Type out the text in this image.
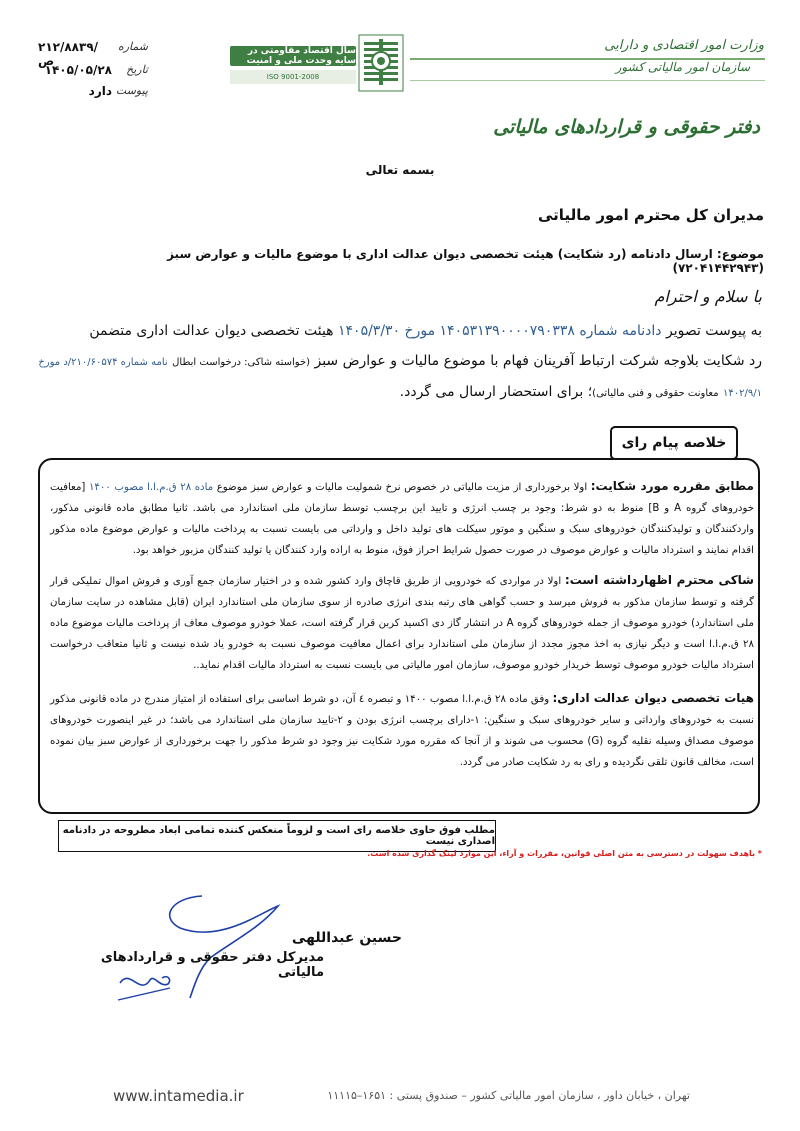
شماره
۲۱۲/۸۸۳۹/ص
تاریخ
۱۴۰۵/۰۵/۲۸
پیوست
دارد
سال اقتصاد مقاومتی در سایه وحدت ملی و امنیت
ISO 9001-2008
وزارت امور اقتصادی و دارایی
سازمان امور مالیاتی کشور
دفتر حقوقی و قراردادهای مالیاتی
بسمه تعالی
مدیران کل محترم امور مالیاتی
موضوع: ارسال دادنامه (رد شکایت) هیئت تخصصی دیوان عدالت اداری با موضوع مالیات و عوارض سبز (۷۲۰۴۱۴۴۲۹۴۳)
با سلام و احترام
به پیوست تصویر دادنامه شماره ۱۴۰۵۳۱۳۹۰۰۰۰۷۹۰۳۳۸ مورخ ۱۴۰۵/۳/۳۰ هیئت تخصصی دیوان عدالت اداری متضمن
رد شکایت بلاوجه شرکت ارتباط آفرینان فهام با موضوع مالیات و عوارض سبز (خواسته شاکی: درخواست ابطال نامه شماره ۲۱۰/۶۰۵۷۴/د مورخ
۱۴۰۲/۹/۱ معاونت حقوقی و فنی مالیاتی)؛ برای استحضار ارسال می گردد.
خلاصه پیام رای
مطابق مقرره مورد شکایت: اولا برخورداری از مزیت مالیاتی در خصوص نرخ شمولیت مالیات و عوارض سبز موضوع ماده ۲۸ ق.م.ا.ا مصوب ۱۴۰۰ [معافیت خودروهای گروه A و B] منوط به دو شرط: وجود بر چسب انرژی و تایید این برچسب توسط سازمان ملی استاندارد می باشد. ثانیا مطابق ماده قانونی مذکور، واردکنندگان و تولیدکنندگان خودروهای سبک و سنگین و موتور سیکلت های تولید داخل و وارداتی می بایست نسبت به پرداخت مالیات و عوارض موضوع ماده مذکور اقدام نمایند و استرداد مالیات و عوارض موصوف در صورت حصول شرایط احراز فوق، منوط به اراده وارد کنندگان یا تولید کنندگان مزبور خواهد بود.
شاکی محترم اظهارداشته است: اولا در مواردی که خودرویی از طریق قاچاق وارد کشور شده و در اختیار سازمان جمع آوری و فروش اموال تملیکی قرار گرفته و توسط سازمان مذکور به فروش میرسد و حسب گواهی های رتبه بندی انرژی صادره از سوی سازمان ملی استاندارد ایران (قابل مشاهده در سایت سازمان ملی استاندارد) خودرو موصوف از جمله خودروهای گروه A در انتشار گاز دی اکسید کربن قرار گرفته است، عملا خودرو موصوف معاف از پرداخت مالیات موضوع ماده ۲۸ ق.م.ا.ا است و دیگر نیازی به اخذ مجوز مجدد از سازمان ملی استاندارد برای اعمال معافیت موصوف نسبت به خودرو یاد شده نیست و ثانیا متعاقب درخواست استرداد مالیات خودرو موصوف توسط خریدار خودرو موصوف، سازمان امور مالیاتی می بایست نسبت به استرداد مالیات اقدام نماید..
هیات تخصصی دیوان عدالت اداری: وفق ماده ۲۸ ق.م.ا.ا مصوب ۱۴۰۰ و تبصره ٤ آن، دو شرط اساسی برای استفاده از امتیاز مندرج در ماده قانونی مذکور نسبت به خودروهای وارداتی و سایر خودروهای سبک و سنگین: ۱-دارای برچسب انرژی بودن و ۲-تایید سازمان ملی استاندارد می باشد؛ در غیر اینصورت خودروهای موصوف مصداق وسیله نقلیه گروه (G) محسوب می شوند و از آنجا که مقرره مورد شکایت نیز وجود دو شرط مذکور را جهت برخورداری از عوارض سبز بیان نموده است، مخالف قانون تلقی نگردیده و رای به رد شکایت صادر می گردد.
مطلب فوق حاوی خلاصه رای است و لزوماً منعکس کننده تمامی ابعاد مطروحه در دادنامه اصداری نیست
* باهدف سهولت در دسترسی به متن اصلی قوانین، مقررات و آراء، این موارد لینک گذاری شده است.
حسین عبداللهی
مدیرکل دفتر حقوقی و قراردادهای مالیاتی
www.intamedia.ir	تهران ، خیابان داور ، سازمان امور مالیاتی کشور – صندوق پستی : ۱۶۵۱–۱۱۱۱۵
